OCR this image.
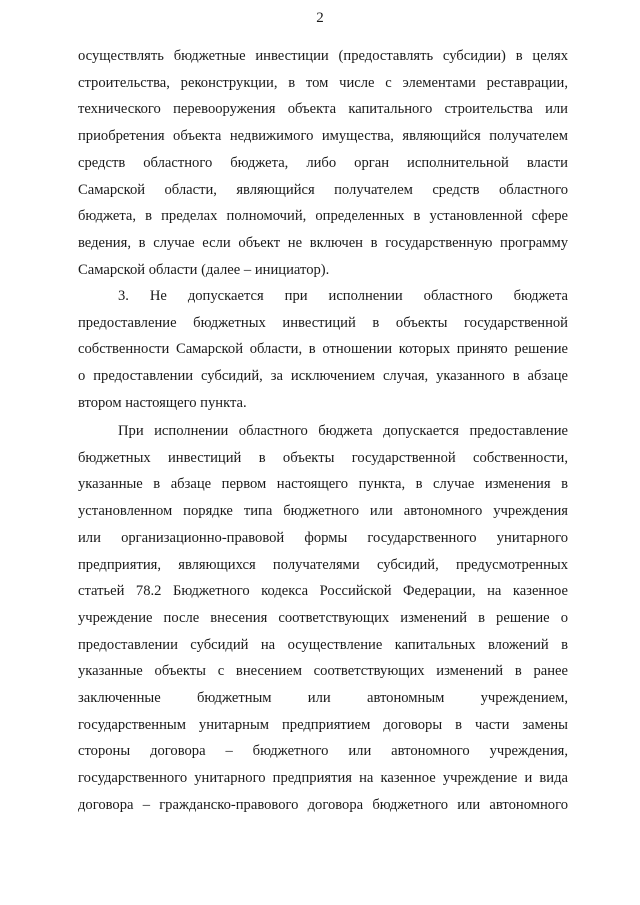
2
осуществлять бюджетные инвестиции (предоставлять субсидии) в целях
строительства, реконструкции, в том числе с элементами реставрации,
технического перевооружения объекта капитального строительства или
приобретения объекта недвижимого имущества, являющийся получателем
средств областного бюджета, либо орган исполнительной власти
Самарской области, являющийся получателем средств областного
бюджета, в пределах полномочий, определенных в установленной сфере
ведения, в случае если объект не включен в государственную программу
Самарской области (далее – инициатор).
3. Не допускается при исполнении областного бюджета
предоставление бюджетных инвестиций в объекты государственной
собственности Самарской области, в отношении которых принято решение
о предоставлении субсидий, за исключением случая, указанного в абзаце
втором настоящего пункта.
При исполнении областного бюджета допускается предоставление
бюджетных инвестиций в объекты государственной собственности,
указанные в абзаце первом настоящего пункта, в случае изменения в
установленном порядке типа бюджетного или автономного учреждения
или организационно-правовой формы государственного унитарного
предприятия, являющихся получателями субсидий, предусмотренных
статьей 78.2 Бюджетного кодекса Российской Федерации, на казенное
учреждение после внесения соответствующих изменений в решение о
предоставлении субсидий на осуществление капитальных вложений в
указанные объекты с внесением соответствующих изменений в ранее
заключенные бюджетным или автономным учреждением,
государственным унитарным предприятием договоры в части замены
стороны договора – бюджетного или автономного учреждения,
государственного унитарного предприятия на казенное учреждение и вида
договора – гражданско-правового договора бюджетного или автономного
